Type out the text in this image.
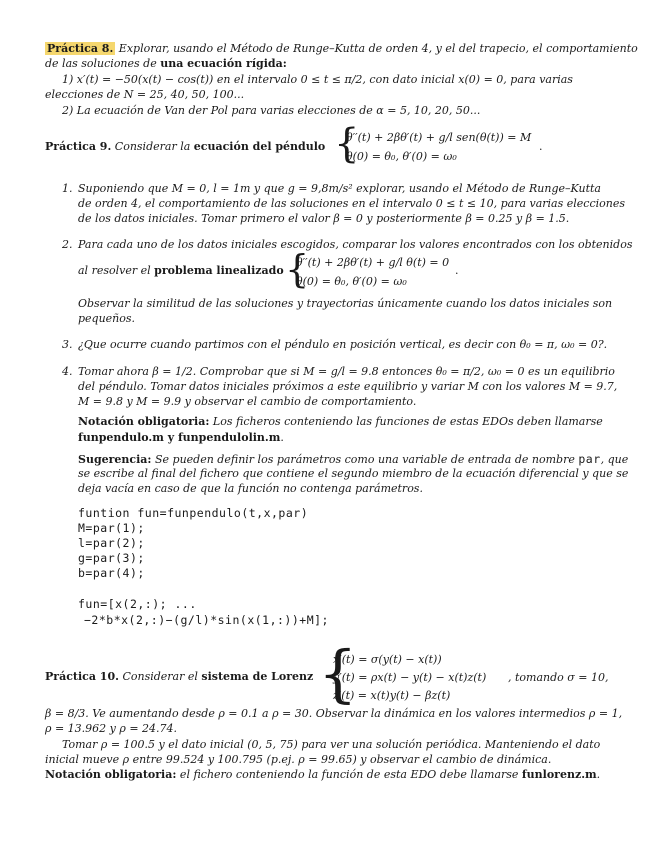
Práctica 8. Explorar, usando el Método de Runge–Kutta de orden 4, y el del trapecio, el comportamiento
de las soluciones de una ecuación rígida:
1) x′(t) = −50(x(t) − cos(t)) en el intervalo 0 ≤ t ≤ π/2, con dato inicial x(0) = 0, para varias
elecciones de N = 25, 40, 50, 100...
2) La ecuación de Van der Pol para varias elecciones de α = 5, 10, 20, 50...
Práctica 9. Considerar la ecuación del péndulo {
θ′′(t) + 2βθ′(t) + g/l sen(θ(t)) = M
θ(0) = θ₀, θ′(0) = ω₀
.
1. Suponiendo que M = 0, l = 1m y que g = 9,8m/s² explorar, usando el Método de Runge–Kutta
de orden 4, el comportamiento de las soluciones en el intervalo 0 ≤ t ≤ 10, para varias elecciones
de los datos iniciales. Tomar primero el valor β = 0 y posteriormente β = 0.25 y β = 1.5.
2. Para cada uno de los datos iniciales escogidos, comparar los valores encontrados con los obtenidos
al resolver el problema linealizado {
θ′′(t) + 2βθ′(t) + g/l θ(t) = 0
θ(0) = θ₀, θ′(0) = ω₀
.
Observar la similitud de las soluciones y trayectorias únicamente cuando los datos iniciales son
pequeños.
3. ¿Que ocurre cuando partimos con el péndulo en posición vertical, es decir con θ₀ = π, ω₀ = 0?.
4. Tomar ahora β = 1/2. Comprobar que si M = g/l = 9.8 entonces θ₀ = π/2, ω₀ = 0 es un equilibrio
del péndulo. Tomar datos iniciales próximos a este equilibrio y variar M con los valores M = 9.7,
M = 9.8 y M = 9.9 y observar el cambio de comportamiento.
Notación obligatoria: Los ficheros conteniendo las funciones de estas EDOs deben llamarse
funpendulo.m y funpendulolin.m.
Sugerencia: Se pueden definir los parámetros como una variable de entrada de nombre par, que
se escribe al final del fichero que contiene el segundo miembro de la ecuación diferencial y que se
deja vacía en caso de que la función no contenga parámetros.
funtion fun=funpendulo(t,x,par)
M=par(1);
l=par(2);
g=par(3);
b=par(4);
fun=[x(2,:); ...
−2*b*x(2,:)−(g/l)*sin(x(1,:))+M];
Práctica 10. Considerar el sistema de Lorenz {
x′(t) = σ(y(t) − x(t))
y′(t) = ρx(t) − y(t) − x(t)z(t)
z′(t) = x(t)y(t) − βz(t)
, tomando σ = 10,
β = 8/3. Ve aumentando desde ρ = 0.1 a ρ = 30. Observar la dinámica en los valores intermedios ρ = 1,
ρ = 13.962 y ρ = 24.74.
Tomar ρ = 100.5 y el dato inicial (0, 5, 75) para ver una solución periódica. Manteniendo el dato
inicial mueve ρ entre 99.524 y 100.795 (p.ej. ρ = 99.65) y observar el cambio de dinámica.
Notación obligatoria: el fichero conteniendo la función de esta EDO debe llamarse funlorenz.m.
